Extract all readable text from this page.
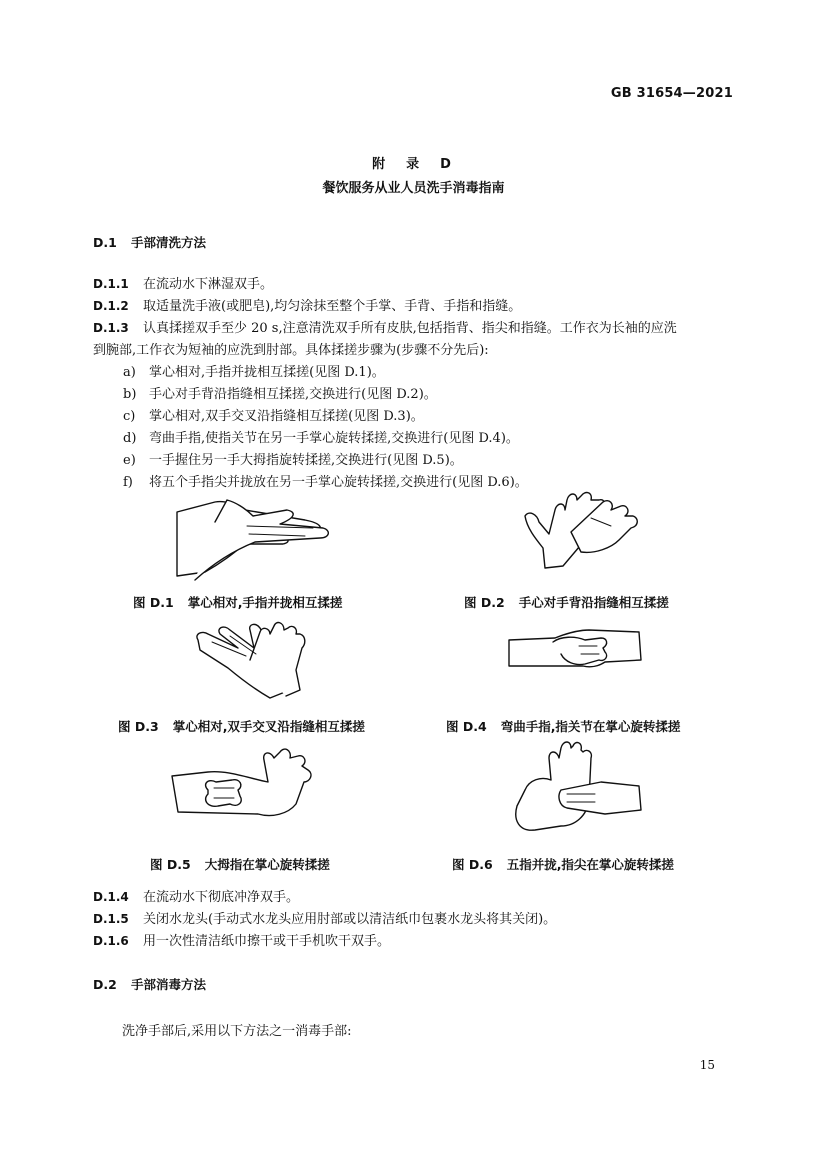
GB 31654—2021
附　录　D
餐饮服务从业人员洗手消毒指南
D.1 手部清洗方法
D.1.1 在流动水下淋湿双手。
D.1.2 取适量洗手液(或肥皂),均匀涂抹至整个手掌、手背、手指和指缝。
D.1.3 认真揉搓双手至少 20 s,注意清洗双手所有皮肤,包括指背、指尖和指缝。工作衣为长袖的应洗
到腕部,工作衣为短袖的应洗到肘部。具体揉搓步骤为(步骤不分先后):
a) 掌心相对,手指并拢相互揉搓(见图 D.1)。
b) 手心对手背沿指缝相互揉搓,交换进行(见图 D.2)。
c) 掌心相对,双手交叉沿指缝相互揉搓(见图 D.3)。
d) 弯曲手指,使指关节在另一手掌心旋转揉搓,交换进行(见图 D.4)。
e) 一手握住另一手大拇指旋转揉搓,交换进行(见图 D.5)。
f) 将五个手指尖并拢放在另一手掌心旋转揉搓,交换进行(见图 D.6)。
图 D.1 掌心相对,手指并拢相互揉搓	图 D.2 手心对手背沿指缝相互揉搓
图 D.3 掌心相对,双手交叉沿指缝相互揉搓	图 D.4 弯曲手指,指关节在掌心旋转揉搓
图 D.5 大拇指在掌心旋转揉搓	图 D.6 五指并拢,指尖在掌心旋转揉搓
D.1.4 在流动水下彻底冲净双手。
D.1.5 关闭水龙头(手动式水龙头应用肘部或以清洁纸巾包裹水龙头将其关闭)。
D.1.6 用一次性清洁纸巾擦干或干手机吹干双手。
D.2 手部消毒方法
洗净手部后,采用以下方法之一消毒手部:
15
